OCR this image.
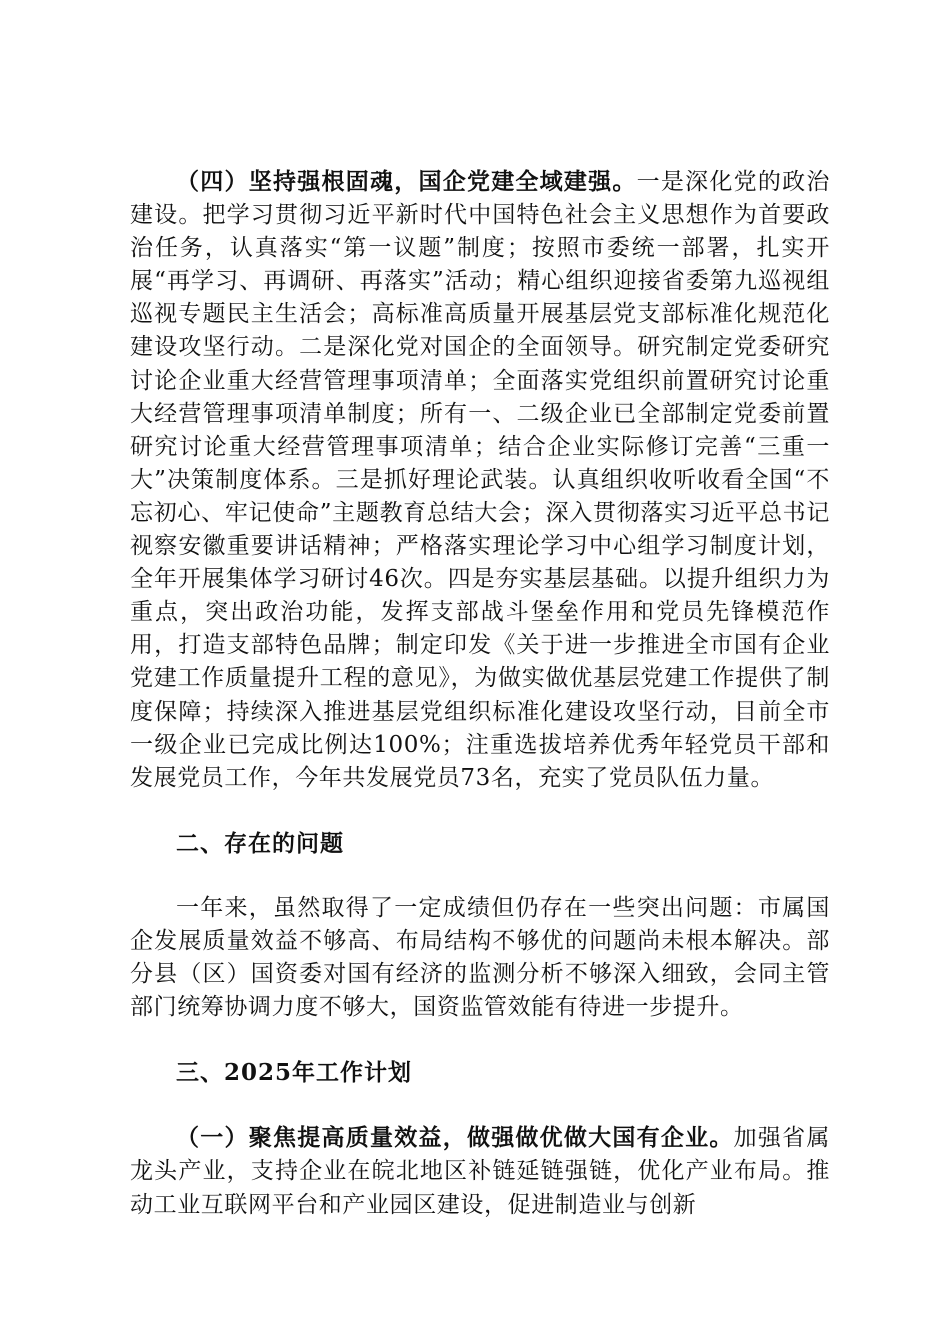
（四）坚持强根固魂，国企党建全域建强。一是深化党的政治建设。把学习贯彻习近平新时代中国特色社会主义思想作为首要政治任务，认真落实“第一议题”制度；按照市委统一部署，扎实开展“再学习、再调研、再落实”活动；精心组织迎接省委第九巡视组巡视专题民主生活会；高标准高质量开展基层党支部标准化规范化建设攻坚行动。二是深化党对国企的全面领导。研究制定党委研究讨论企业重大经营管理事项清单；全面落实党组织前置研究讨论重大经营管理事项清单制度；所有一、二级企业已全部制定党委前置研究讨论重大经营管理事项清单；结合企业实际修订完善“三重一大”决策制度体系。三是抓好理论武装。认真组织收听收看全国“不忘初心、牢记使命”主题教育总结大会；深入贯彻落实习近平总书记视察安徽重要讲话精神；严格落实理论学习中心组学习制度计划，全年开展集体学习研讨46次。四是夯实基层基础。以提升组织力为重点，突出政治功能，发挥支部战斗堡垒作用和党员先锋模范作用，打造支部特色品牌；制定印发《关于进一步推进全市国有企业党建工作质量提升工程的意见》，为做实做优基层党建工作提供了制度保障；持续深入推进基层党组织标准化建设攻坚行动，目前全市一级企业已完成比例达100%；注重选拔培养优秀年轻党员干部和发展党员工作，今年共发展党员73名，充实了党员队伍力量。

二、存在的问题

一年来，虽然取得了一定成绩但仍存在一些突出问题：市属国企发展质量效益不够高、布局结构不够优的问题尚未根本解决。部分县（区）国资委对国有经济的监测分析不够深入细致，会同主管部门统筹协调力度不够大，国资监管效能有待进一步提升。

三、2025年工作计划

（一）聚焦提高质量效益，做强做优做大国有企业。加强省属龙头产业，支持企业在皖北地区补链延链强链，优化产业布局。推动工业互联网平台和产业园区建设，促进制造业与创新
